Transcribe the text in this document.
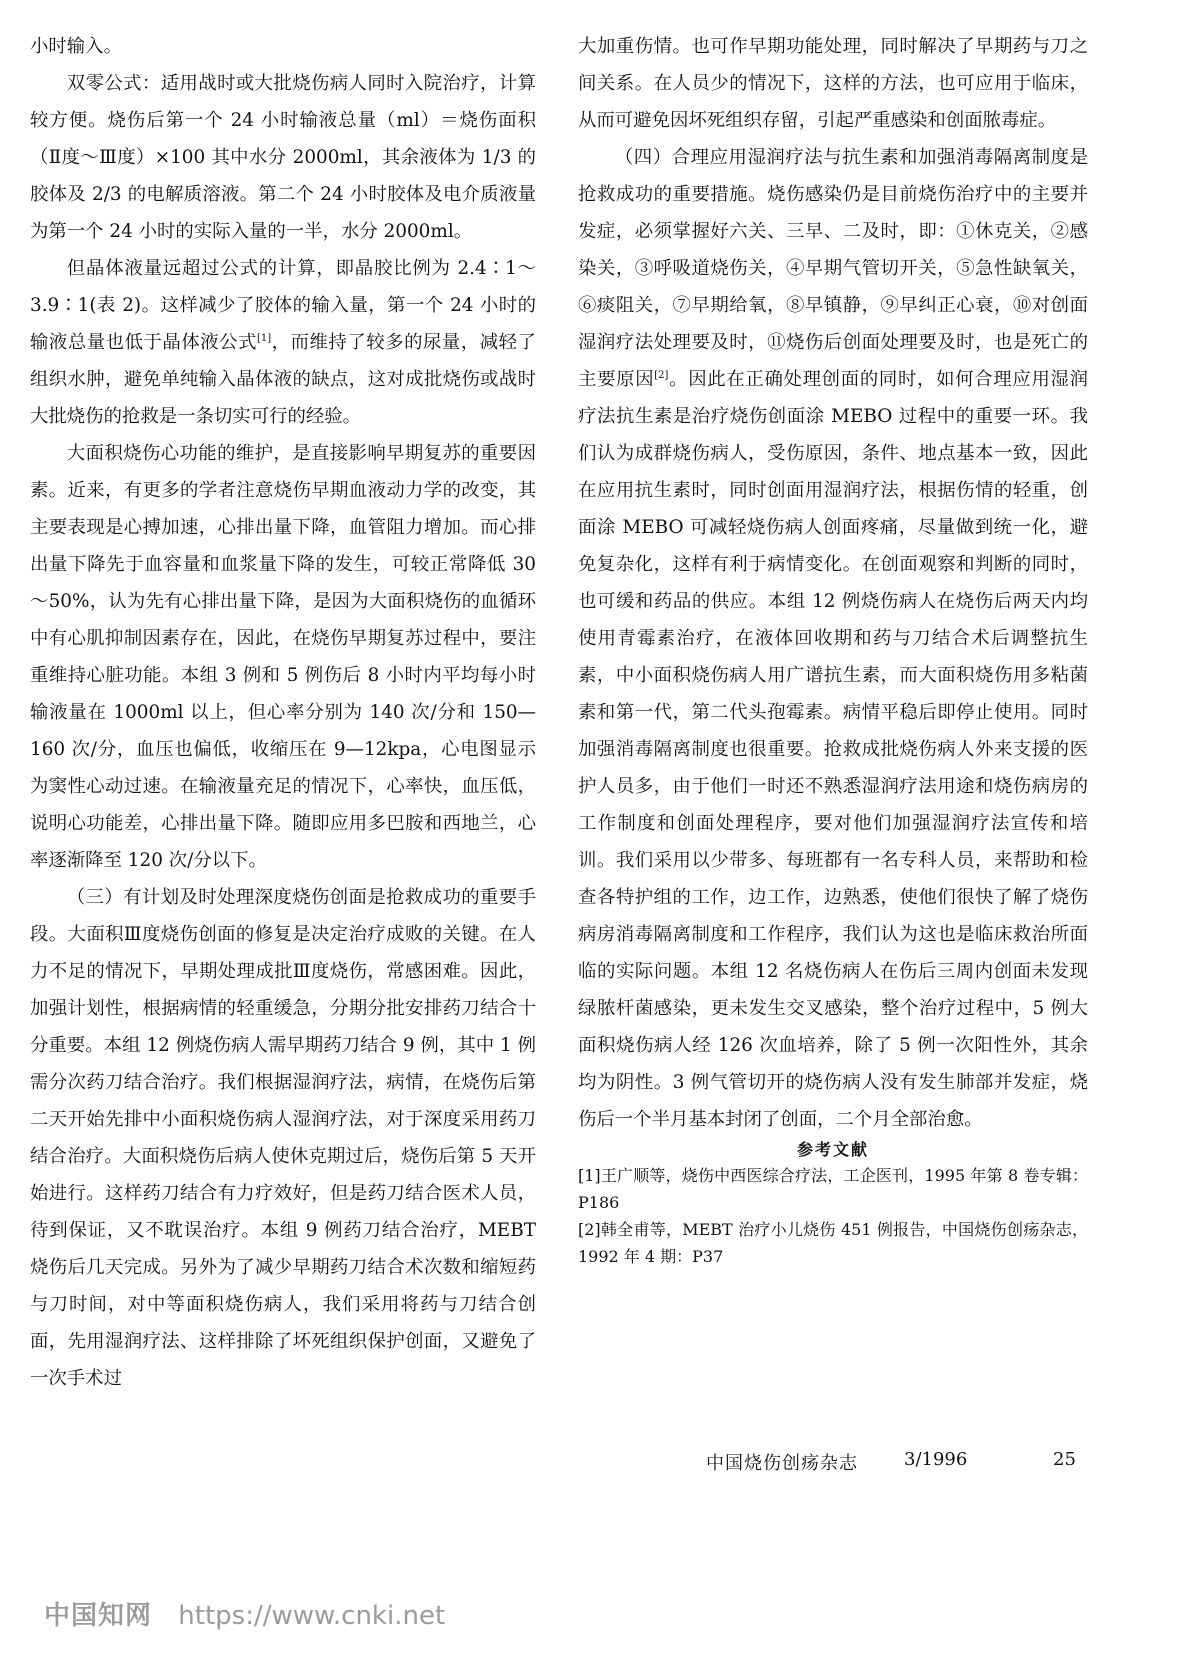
小时输入。

双零公式：适用战时或大批烧伤病人同时入院治疗，计算较方便。烧伤后第一个 24 小时输液总量（ml）＝烧伤面积（Ⅱ度～Ⅲ度）×100 其中水分 2000ml，其余液体为 1/3 的胶体及 2/3 的电解质溶液。第二个 24 小时胶体及电介质液量为第一个 24 小时的实际入量的一半，水分 2000ml。

但晶体液量远超过公式的计算，即晶胶比例为 2.4∶1～3.9∶1(表 2)。这样减少了胶体的输入量，第一个 24 小时的输液总量也低于晶体液公式[1]，而维持了较多的尿量，减轻了组织水肿，避免单纯输入晶体液的缺点，这对成批烧伤或战时大批烧伤的抢救是一条切实可行的经验。

大面积烧伤心功能的维护，是直接影响早期复苏的重要因素。近来，有更多的学者注意烧伤早期血液动力学的改变，其主要表现是心搏加速，心排出量下降，血管阻力增加。而心排出量下降先于血容量和血浆量下降的发生，可较正常降低 30～50%，认为先有心排出量下降，是因为大面积烧伤的血循环中有心肌抑制因素存在，因此，在烧伤早期复苏过程中，要注重维持心脏功能。本组 3 例和 5 例伤后 8 小时内平均每小时输液量在 1000ml 以上，但心率分别为 140 次/分和 150—160 次/分，血压也偏低，收缩压在 9—12kpa，心电图显示为窦性心动过速。在输液量充足的情况下，心率快，血压低，说明心功能差，心排出量下降。随即应用多巴胺和西地兰，心率逐渐降至 120 次/分以下。

（三）有计划及时处理深度烧伤创面是抢救成功的重要手段。大面积Ⅲ度烧伤创面的修复是决定治疗成败的关键。在人力不足的情况下，早期处理成批Ⅲ度烧伤，常感困难。因此，加强计划性，根据病情的轻重缓急，分期分批安排药刀结合十分重要。本组 12 例烧伤病人需早期药刀结合 9 例，其中 1 例需分次药刀结合治疗。我们根据湿润疗法，病情，在烧伤后第二天开始先排中小面积烧伤病人湿润疗法，对于深度采用药刀结合治疗。大面积烧伤后病人使休克期过后，烧伤后第 5 天开始进行。这样药刀结合有力疗效好，但是药刀结合医术人员，待到保证，又不耽误治疗。本组 9 例药刀结合治疗，MEBT 烧伤后几天完成。另外为了减少早期药刀结合术次数和缩短药与刀时间，对中等面积烧伤病人，我们采用将药与刀结合创面，先用湿润疗法、这样排除了坏死组织保护创面，又避免了一次手术过

大加重伤情。也可作早期功能处理，同时解决了早期药与刀之间关系。在人员少的情况下，这样的方法，也可应用于临床，从而可避免因坏死组织存留，引起严重感染和创面脓毒症。

（四）合理应用湿润疗法与抗生素和加强消毒隔离制度是抢救成功的重要措施。烧伤感染仍是目前烧伤治疗中的主要并发症，必须掌握好六关、三早、二及时，即：①休克关，②感染关，③呼吸道烧伤关，④早期气管切开关，⑤急性缺氧关，⑥痰阻关，⑦早期给氧，⑧早镇静，⑨早纠正心衰，⑩对创面湿润疗法处理要及时，⑪烧伤后创面处理要及时，也是死亡的主要原因[2]。因此在正确处理创面的同时，如何合理应用湿润疗法抗生素是治疗烧伤创面涂 MEBO 过程中的重要一环。我们认为成群烧伤病人，受伤原因，条件、地点基本一致，因此在应用抗生素时，同时创面用湿润疗法，根据伤情的轻重，创面涂 MEBO 可减轻烧伤病人创面疼痛，尽量做到统一化，避免复杂化，这样有利于病情变化。在创面观察和判断的同时，也可缓和药品的供应。本组 12 例烧伤病人在烧伤后两天内均使用青霉素治疗，在液体回收期和药与刀结合术后调整抗生素，中小面积烧伤病人用广谱抗生素，而大面积烧伤用多粘菌素和第一代，第二代头孢霉素。病情平稳后即停止使用。同时加强消毒隔离制度也很重要。抢救成批烧伤病人外来支援的医护人员多，由于他们一时还不熟悉湿润疗法用途和烧伤病房的工作制度和创面处理程序，要对他们加强湿润疗法宣传和培训。我们采用以少带多、每班都有一名专科人员，来帮助和检查各特护组的工作，边工作，边熟悉，使他们很快了解了烧伤病房消毒隔离制度和工作程序，我们认为这也是临床救治所面临的实际问题。本组 12 名烧伤病人在伤后三周内创面未发现绿脓杆菌感染，更未发生交叉感染，整个治疗过程中，5 例大面积烧伤病人经 126 次血培养，除了 5 例一次阳性外，其余均为阴性。3 例气管切开的烧伤病人没有发生肺部并发症，烧伤后一个半月基本封闭了创面，二个月全部治愈。

参考文献

[1]王广顺等，烧伤中西医综合疗法，工企医刊，1995 年第 8 卷专辑：P186

[2]韩全甫等，MEBT 治疗小儿烧伤 451 例报告，中国烧伤创疡杂志，1992 年 4 期：P37

中国烧伤创疡杂志	3/1996	25
中国知网 https://www.cnki.net
